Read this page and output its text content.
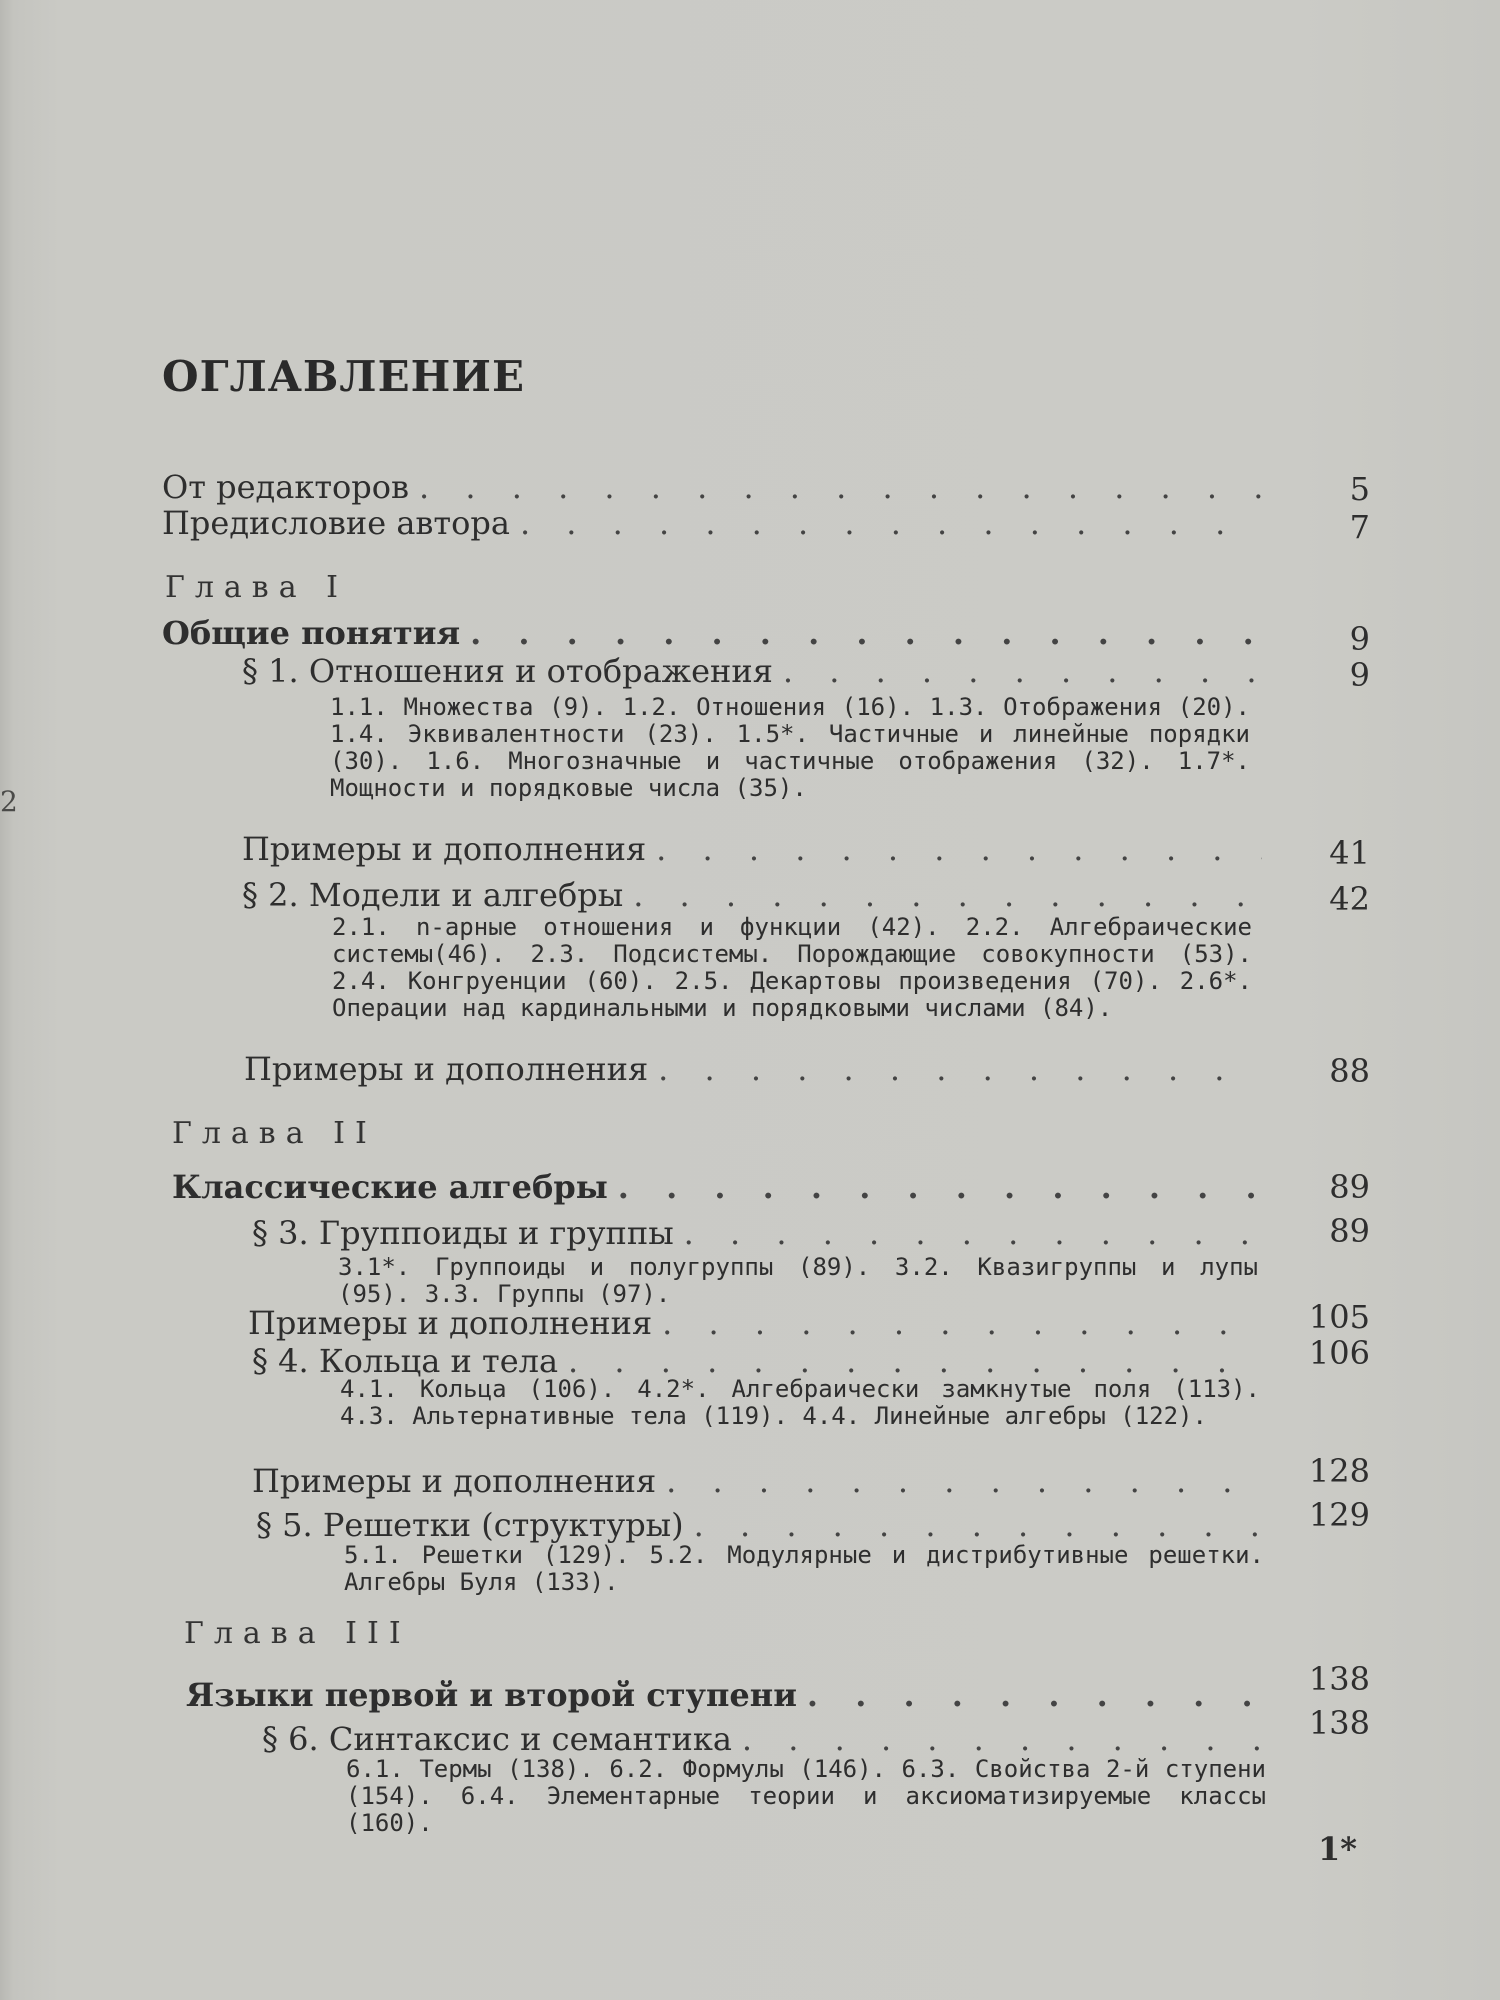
2
ОГЛАВЛЕНИЕ
От редакторов . . .	5
Предисловие автора . . .	7
Глава I
Общие понятия . . .	9
§ 1. Отношения и отображения . . .	9
1.1. Множества (9). 1.2. Отношения (16). 1.3. Отображения (20). 1.4. Эквивалентности (23). 1.5*. Частичные и линейные порядки (30). 1.6. Многозначные и частичные отображения (32). 1.7*. Мощности и порядковые числа (35).
Примеры и дополнения . . .	41
§ 2. Модели и алгебры . . .	42
2.1. n-арные отношения и функции (42). 2.2. Алгебраические системы(46). 2.3. Подсистемы. Порождающие совокупности (53). 2.4. Конгруенции (60). 2.5. Декартовы произведения (70). 2.6*. Операции над кардинальными и порядковыми числами (84).
Примеры и дополнения . . .	88
Глава II
Классические алгебры . . .	89
§ 3. Группоиды и группы . . .	89
3.1*. Группоиды и полугруппы (89). 3.2. Квазигруппы и лупы (95). 3.3. Группы (97).
Примеры и дополнения . . .	105
§ 4. Кольца и тела . . .	106
4.1. Кольца (106). 4.2*. Алгебраически замкнутые поля (113). 4.3. Альтернативные тела (119). 4.4. Линейные алгебры (122).
Примеры и дополнения . . .	128
§ 5. Решетки (структуры) . . .	129
5.1. Решетки (129). 5.2. Модулярные и дистрибутивные решетки. Алгебры Буля (133).
Глава III
Языки первой и второй ступени . . .	138
§ 6. Синтаксис и семантика . . .	138
6.1. Термы (138). 6.2. Формулы (146). 6.3. Свойства 2-й ступени (154). 6.4. Элементарные теории и аксиоматизируемые классы (160).
1*
